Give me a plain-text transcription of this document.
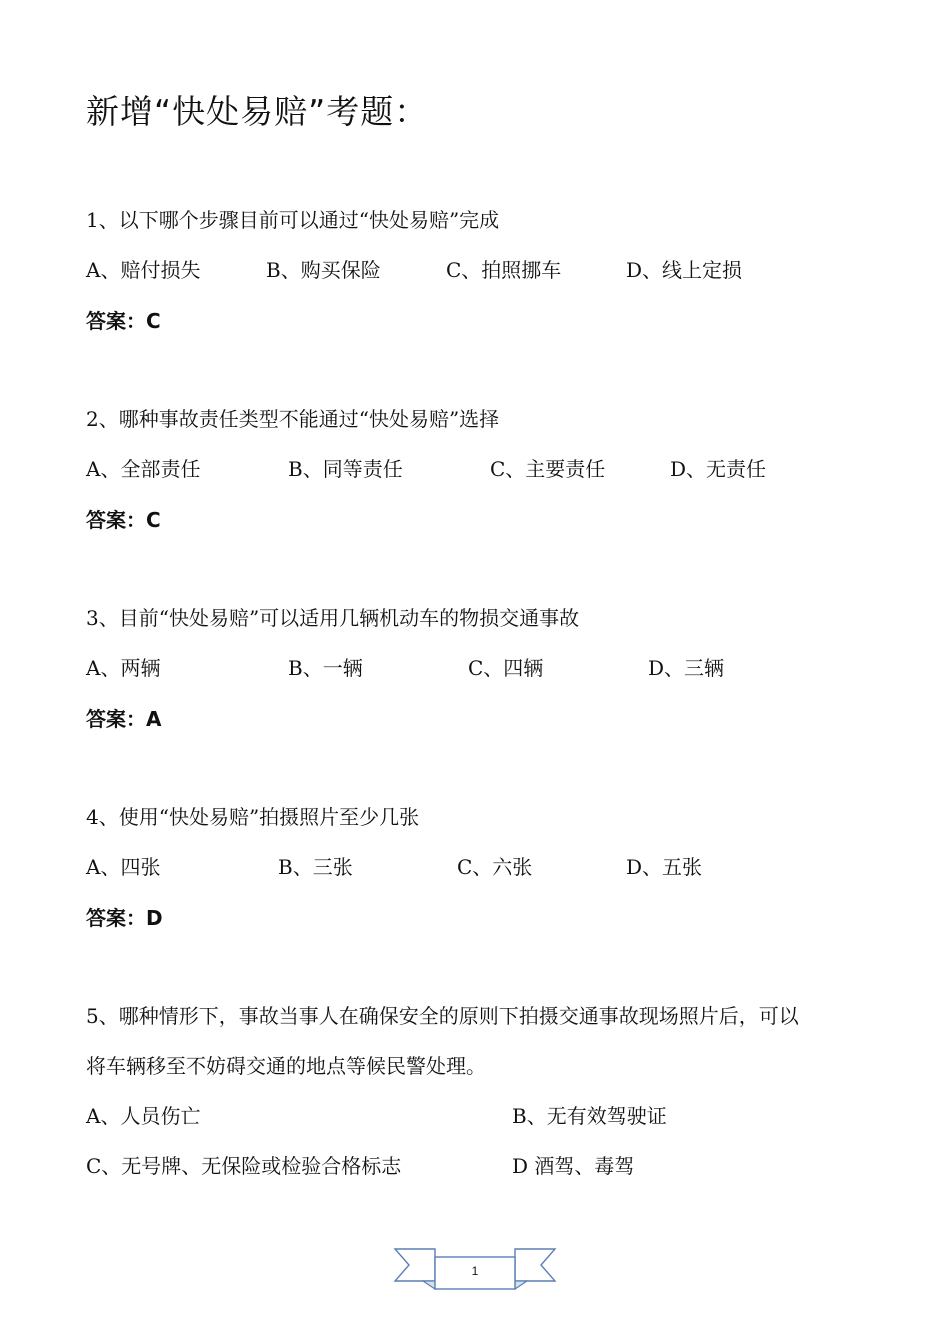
新增“快处易赔”考题：
1、以下哪个步骤目前可以通过“快处易赔”完成
A、赔付损失	B、购买保险	C、拍照挪车	D、线上定损
答案：C
2、哪种事故责任类型不能通过“快处易赔”选择
A、全部责任	B、同等责任	C、主要责任	D、无责任
答案：C
3、目前“快处易赔”可以适用几辆机动车的物损交通事故
A、两辆	B、一辆	C、四辆	D、三辆
答案：A
4、使用“快处易赔”拍摄照片至少几张
A、四张	B、三张	C、六张	D、五张
答案：D
5、哪种情形下，事故当事人在确保安全的原则下拍摄交通事故现场照片后，可以
将车辆移至不妨碍交通的地点等候民警处理。
A、人员伤亡	B、无有效驾驶证
C、无号牌、无保险或检验合格标志	D 酒驾、毒驾
1
